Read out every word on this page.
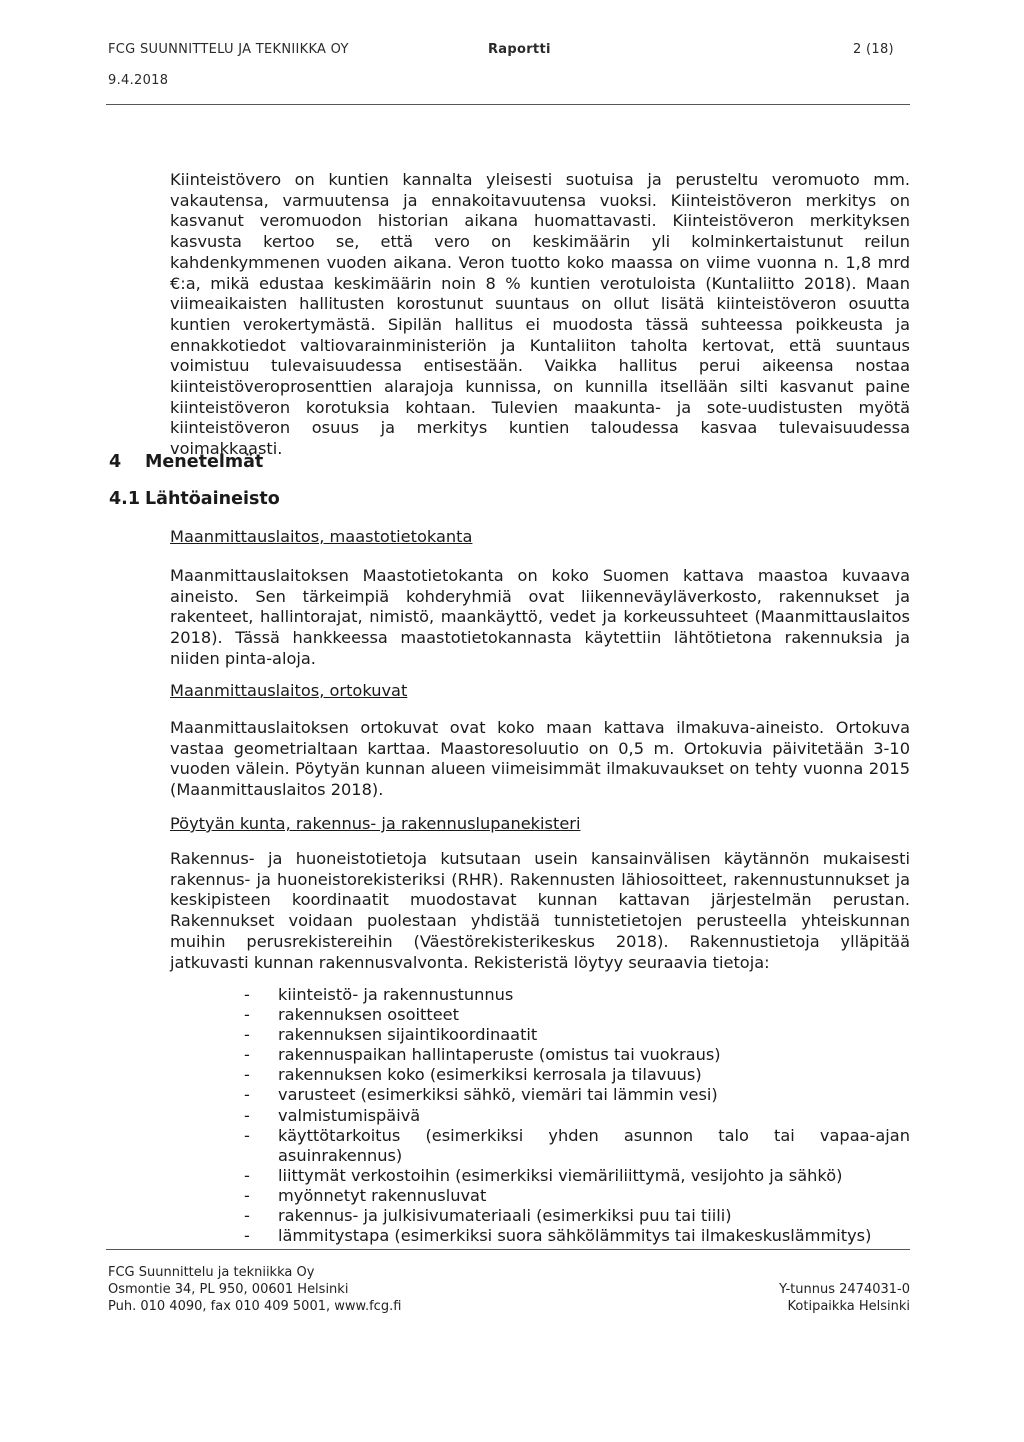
FCG SUUNNITTELU JA TEKNIIKKA OY	Raportti	2 (18)
9.4.2018

Kiinteistövero on kuntien kannalta yleisesti suotuisa ja perusteltu veromuoto mm. vakautensa, varmuutensa ja ennakoitavuutensa vuoksi. Kiinteistöveron merkitys on kasvanut veromuodon historian aikana huomattavasti. Kiinteistöveron merkityksen kasvusta kertoo se, että vero on keskimäärin yli kolminkertaistunut reilun kahdenkymmenen vuoden aikana. Veron tuotto koko maassa on viime vuonna n. 1,8 mrd €:a, mikä edustaa keskimäärin noin 8 % kuntien verotuloista (Kuntaliitto 2018). Maan viimeaikaisten hallitusten korostunut suuntaus on ollut lisätä kiinteistöveron osuutta kuntien verokertymästä. Sipilän hallitus ei muodosta tässä suhteessa poikkeusta ja ennakkotiedot valtiovarainministeriön ja Kuntaliiton taholta kertovat, että suuntaus voimistuu tulevaisuudessa entisestään. Vaikka hallitus perui aikeensa nostaa kiinteistöveroprosenttien alarajoja kunnissa, on kunnilla itsellään silti kasvanut paine kiinteistöveron korotuksia kohtaan. Tulevien maakunta- ja sote-uudistusten myötä kiinteistöveron osuus ja merkitys kuntien taloudessa kasvaa tulevaisuudessa voimakkaasti.

4 Menetelmät
4.1 Lähtöaineisto

Maanmittauslaitos, maastotietokanta

Maanmittauslaitoksen Maastotietokanta on koko Suomen kattava maastoa kuvaava aineisto. Sen tärkeimpiä kohderyhmiä ovat liikenneväyläverkosto, rakennukset ja rakenteet, hallintorajat, nimistö, maankäyttö, vedet ja korkeussuhteet (Maanmittauslaitos 2018). Tässä hankkeessa maastotietokannasta käytettiin lähtötietona rakennuksia ja niiden pinta-aloja.

Maanmittauslaitos, ortokuvat

Maanmittauslaitoksen ortokuvat ovat koko maan kattava ilmakuva-aineisto. Ortokuva vastaa geometrialtaan karttaa. Maastoresoluutio on 0,5 m. Ortokuvia päivitetään 3-10 vuoden välein. Pöytyän kunnan alueen viimeisimmät ilmakuvaukset on tehty vuonna 2015 (Maanmittauslaitos 2018).

Pöytyän kunta, rakennus- ja rakennuslupanekisteri

Rakennus- ja huoneistotietoja kutsutaan usein kansainvälisen käytännön mukaisesti rakennus- ja huoneistorekisteriksi (RHR). Rakennusten lähiosoitteet, rakennustunnukset ja keskipisteen koordinaatit muodostavat kunnan kattavan järjestelmän perustan. Rakennukset voidaan puolestaan yhdistää tunnistetietojen perusteella yhteiskunnan muihin perusrekistereihin (Väestörekisterikeskus 2018). Rakennustietoja ylläpitää jatkuvasti kunnan rakennusvalvonta. Rekisteristä löytyy seuraavia tietoja:

- kiinteistö- ja rakennustunnus
- rakennuksen osoitteet
- rakennuksen sijaintikoordinaatit
- rakennuspaikan hallintaperuste (omistus tai vuokraus)
- rakennuksen koko (esimerkiksi kerrosala ja tilavuus)
- varusteet (esimerkiksi sähkö, viemäri tai lämmin vesi)
- valmistumispäivä
- käyttötarkoitus (esimerkiksi yhden asunnon talo tai vapaa-ajan asuinrakennus)
- liittymät verkostoihin (esimerkiksi viemäriliittymä, vesijohto ja sähkö)
- myönnetyt rakennusluvat
- rakennus- ja julkisivumateriaali (esimerkiksi puu tai tiili)
- lämmitystapa (esimerkiksi suora sähkölämmitys tai ilmakeskuslämmitys)
FCG Suunnittelu ja tekniikka Oy
Osmontie 34, PL 950, 00601 Helsinki
Puh. 010 4090, fax 010 409 5001, www.fcg.fi
Y-tunnus 2474031-0
Kotipaikka Helsinki
